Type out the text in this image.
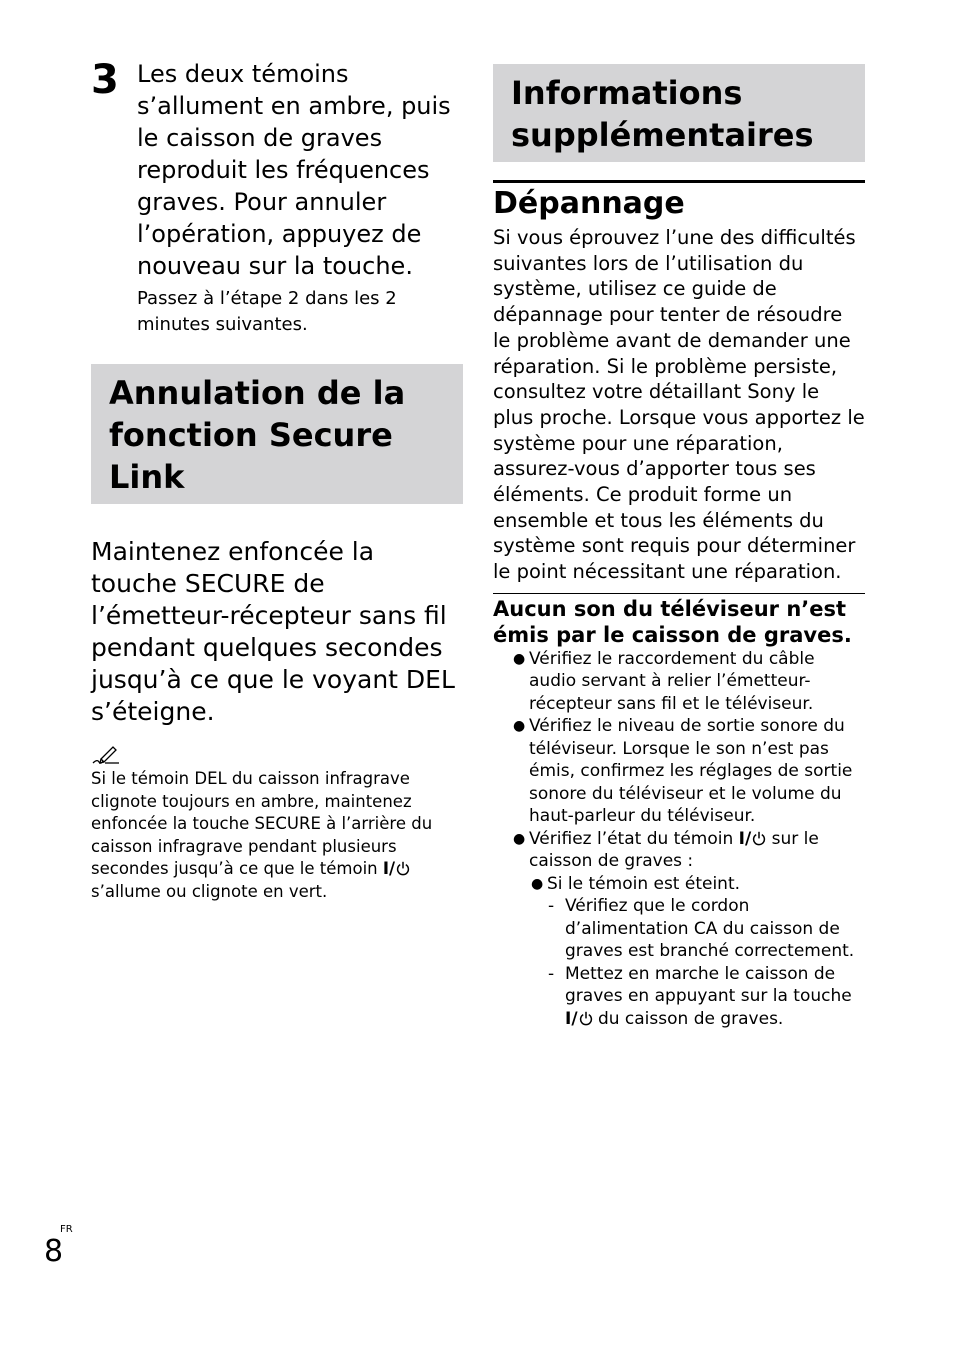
3 Les deux témoins s’allument en ambre, puis le caisson de graves reproduit les fréquences graves. Pour annuler l’opération, appuyez de nouveau sur la touche.

Passez à l’étape 2 dans les 2 minutes suivantes.

Annulation de la fonction Secure Link

Maintenez enfoncée la touche SECURE de l’émetteur-récepteur sans fil pendant quelques secondes jusqu’à ce que le voyant DEL s’éteigne.

Si le témoin DEL du caisson infragrave clignote toujours en ambre, maintenez enfoncée la touche SECURE à l’arrière du caisson infragrave pendant plusieurs secondes jusqu’à ce que le témoin I/ s’allume ou clignote en vert.

Informations supplémentaires
Dépannage

Si vous éprouvez l’une des difficultés suivantes lors de l’utilisation du système, utilisez ce guide de dépannage pour tenter de résoudre le problème avant de demander une réparation. Si le problème persiste, consultez votre détaillant Sony le plus proche. Lorsque vous apportez le système pour une réparation, assurez-vous d’apporter tous ses éléments. Ce produit forme un ensemble et tous les éléments du système sont requis pour déterminer le point nécessitant une réparation.

Aucun son du téléviseur n’est émis par le caisson de graves.
● Vérifiez le raccordement du câble audio servant à relier l’émetteur-récepteur sans fil et le téléviseur.
● Vérifiez le niveau de sortie sonore du téléviseur. Lorsque le son n’est pas émis, confirmez les réglages de sortie sonore du téléviseur et le volume du haut-parleur du téléviseur.
● Vérifiez l’état du témoin I/ sur le caisson de graves :
● Si le témoin est éteint.
- Vérifiez que le cordon d’alimentation CA du caisson de graves est branché correctement.
- Mettez en marche le caisson de graves en appuyant sur la touche I/ du caisson de graves.
FR
8
